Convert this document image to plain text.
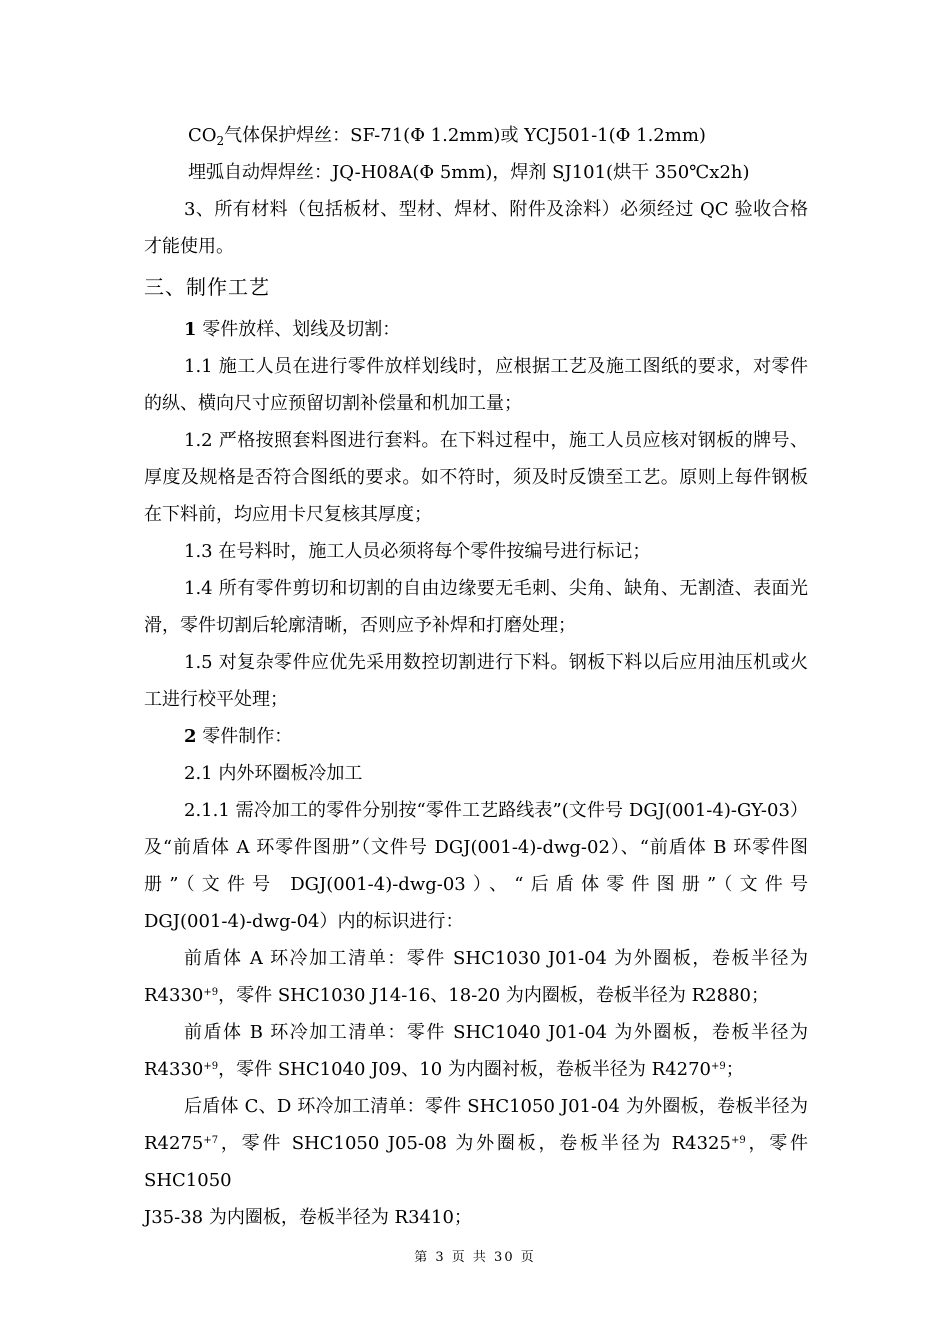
$CO_2$气体保护焊丝：SF-71(Φ 1.2mm)或 YCJ501-1(Φ 1.2mm)

埋弧自动焊焊丝：JQ-H08A(Φ 5mm)，焊剂 SJ101(烘干 350℃x2h)

3、所有材料（包括板材、型材、焊材、附件及涂料）必须经过 QC 验收合格才能使用。

三、制作工艺

1 零件放样、划线及切割：

1.1 施工人员在进行零件放样划线时，应根据工艺及施工图纸的要求，对零件的纵、横向尺寸应预留切割补偿量和机加工量；

1.2 严格按照套料图进行套料。在下料过程中，施工人员应核对钢板的牌号、厚度及规格是否符合图纸的要求。如不符时，须及时反馈至工艺。原则上每件钢板在下料前，均应用卡尺复核其厚度；

1.3 在号料时，施工人员必须将每个零件按编号进行标记；

1.4 所有零件剪切和切割的自由边缘要无毛刺、尖角、缺角、无割渣、表面光滑，零件切割后轮廓清晰，否则应予补焊和打磨处理；

1.5 对复杂零件应优先采用数控切割进行下料。钢板下料以后应用油压机或火工进行校平处理；

2 零件制作：

2.1 内外环圈板冷加工

2.1.1 需冷加工的零件分别按“零件工艺路线表”(文件号 DGJ(001-4)-GY-03）及“前盾体 A 环零件图册”（文件号 DGJ(001-4)-dwg-02）、“前盾体 B 环零件图册”（文件号 DGJ(001-4)-dwg-03）、“后盾体零件图册”（文件号

DGJ(001-4)-dwg-04）内的标识进行：

前盾体 A 环冷加工清单：零件 SHC1030 J01-04 为外圈板，卷板半径为

$R4330^{+9}$，零件 SHC1030 J14-16、18-20 为内圈板，卷板半径为 R2880；

前盾体 B 环冷加工清单：零件 SHC1040 J01-04 为外圈板，卷板半径为

$R4330^{+9}$，零件 SHC1040 J09、10 为内圈衬板，卷板半径为 $R4270^{+9}$；

后盾体 C、D 环冷加工清单：零件 SHC1050 J01-04 为外圈板，卷板半径为

$R4275^{+7}$，零件 SHC1050 J05-08 为外圈板，卷板半径为 $R4325^{+9}$，零件 SHC1050

J35-38 为内圈板，卷板半径为 R3410；

第 3 页 共 30 页
